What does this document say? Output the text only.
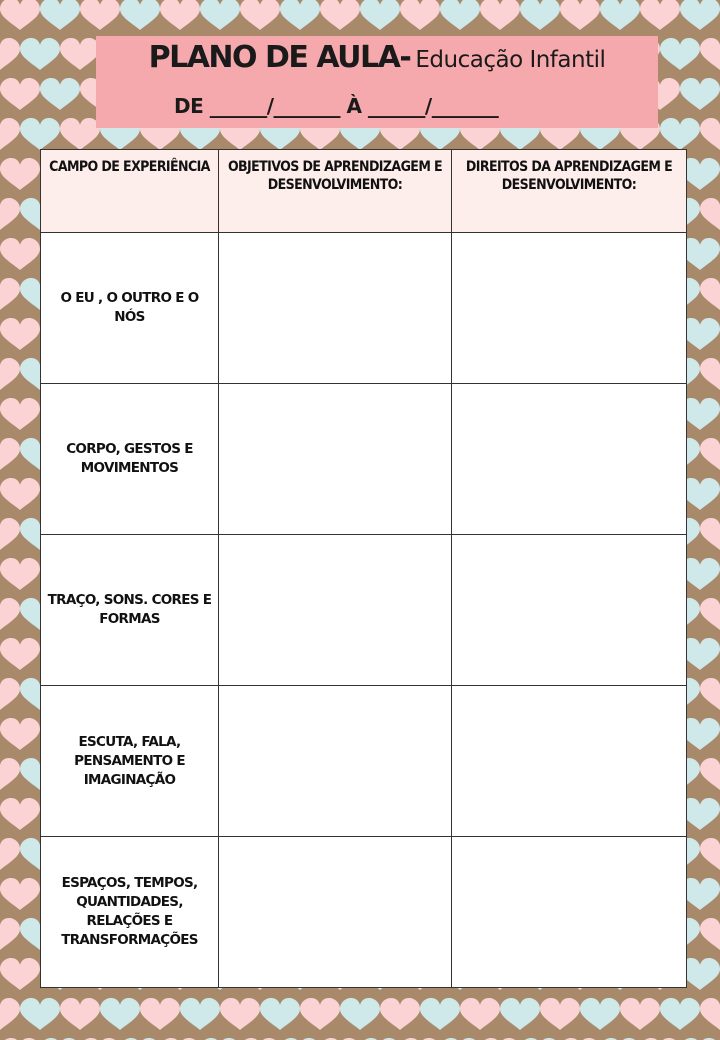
PLANO DE AULA- Educação Infantil
DE ______/_______ À ______/_______
CAMPO DE EXPERIÊNCIA	OBJETIVOS DE APRENDIZAGEM E DESENVOLVIMENTO:	DIREITOS DA APRENDIZAGEM E DESENVOLVIMENTO:
O EU , O OUTRO E O NÓS		
CORPO, GESTOS E MOVIMENTOS		
TRAÇO, SONS. CORES E FORMAS		
ESCUTA, FALA, PENSAMENTO E IMAGINAÇÃO		
ESPAÇOS, TEMPOS, QUANTIDADES, RELAÇÕES E TRANSFORMAÇÕES		
